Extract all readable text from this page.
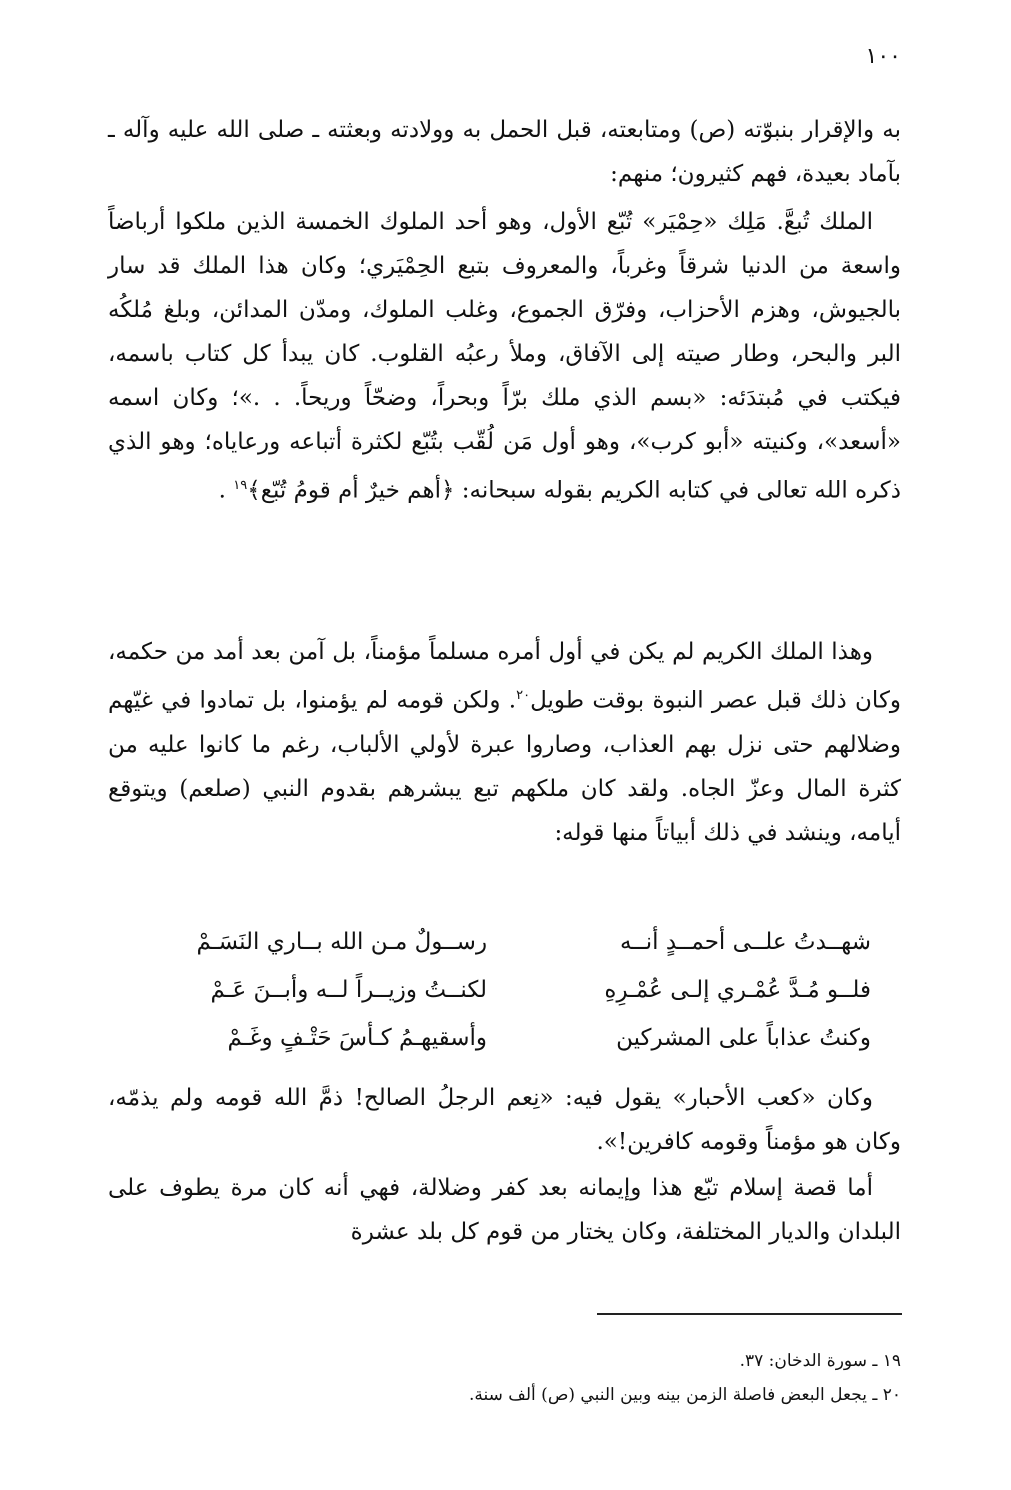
١٠٠

به والإقرار بنبوّته (ص) ومتابعته، قبل الحمل به وولادته وبعثته ـ صلى الله عليه وآله ـ بآماد بعيدة، فهم كثيرون؛ منهم:

الملك تُبعَّ. مَلِك «حِمْيَر» تُبّع الأول، وهو أحد الملوك الخمسة الذين ملكوا أرباضاً واسعة من الدنيا شرقاً وغرباً، والمعروف بتبع الحِمْيَري؛ وكان هذا الملك قد سار بالجيوش، وهزم الأحزاب، وفرّق الجموع، وغلب الملوك، ومدّن المدائن، وبلغ مُلكُه البر والبحر، وطار صيته إلى الآفاق، وملأ رعبُه القلوب. كان يبدأ كل كتاب باسمه، فيكتب في مُبتدَئه: «بسم الذي ملك برّاً وبحراً، وضحّاً وريحاً. . .»؛ وكان اسمه «أسعد»، وكنيته «أبو كرب»، وهو أول مَن لُقّب بتُبّع لكثرة أتباعه ورعاياه؛ وهو الذي ذكره الله تعالى في كتابه الكريم بقوله سبحانه: ﴿أهم خيرٌ أم قومُ تُبّع﴾$^{١٩}$ .

وهذا الملك الكريم لم يكن في أول أمره مسلماً مؤمناً، بل آمن بعد أمد من حكمه، وكان ذلك قبل عصر النبوة بوقت طويل$^{٢٠}$. ولكن قومه لم يؤمنوا، بل تمادوا في غيّهم وضلالهم حتى نزل بهم العذاب، وصاروا عبرة لأولي الألباب، رغم ما كانوا عليه من كثرة المال وعزّ الجاه. ولقد كان ملكهم تبع يبشرهم بقدوم النبي (صلعم) ويتوقع أيامه، وينشد في ذلك أبياتاً منها قوله:

شهــدتُ علــى أحمــدٍ أنــه
رســولٌ مـن الله بــاري النَسَـمْ
فلــو مُـدَّ عُمْـري إلـى عُمْـرِهِ
لكنــتُ وزيــراً لــه وأبــنَ عَـمْ
وكنتُ عذاباً على المشركين
وأسقيهـمُ كـأسَ حَتْـفٍ وغَـمْ

وكان «كعب الأحبار» يقول فيه: «نِعم الرجلُ الصالح! ذمَّ الله قومه ولم يذمّه، وكان هو مؤمناً وقومه كافرين!».

أما قصة إسلام تبّع هذا وإيمانه بعد كفر وضلالة، فهي أنه كان مرة يطوف على البلدان والديار المختلفة، وكان يختار من قوم كل بلد عشرة

١٩ ـ سورة الدخان: ٣٧.

٢٠ ـ يجعل البعض فاصلة الزمن بينه وبين النبي (ص) ألف سنة.
